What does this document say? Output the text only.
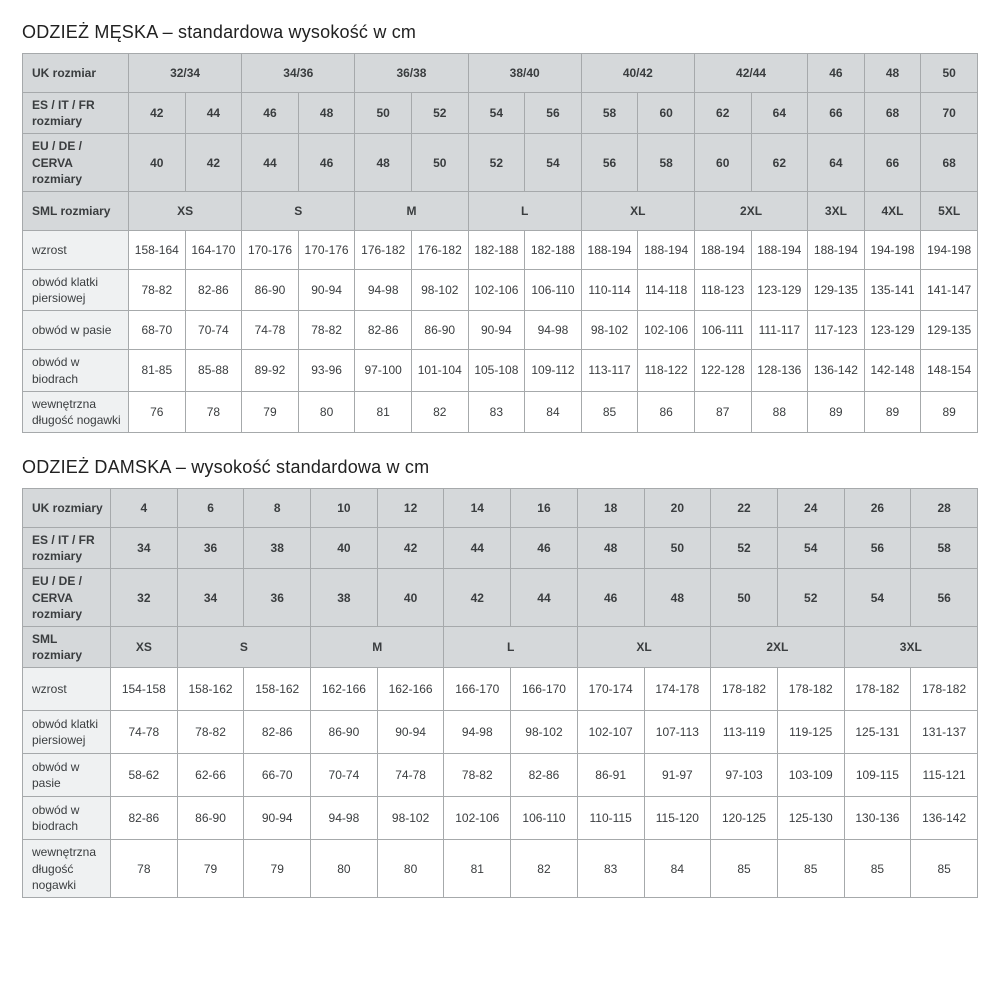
ODZIEŻ MĘSKA – standardowa wysokość w cm
UK rozmiar	32/34		34/36		36/38		38/40		40/42		42/44		46	48	50
ES / IT / FR rozmiary	42	44	46	48	50	52	54	56	58	60	62	64	66	68	70
EU / DE / CERVA rozmiary	40	42	44	46	48	50	52	54	56	58	60	62	64	66	68
SML rozmiary	XS		S		M		L		XL		2XL		3XL	4XL	5XL
wzrost	158-164	164-170	170-176	170-176	176-182	176-182	182-188	182-188	188-194	188-194	188-194	188-194	188-194	194-198	194-198
obwód klatki piersiowej	78-82	82-86	86-90	90-94	94-98	98-102	102-106	106-110	110-114	114-118	118-123	123-129	129-135	135-141	141-147
obwód w pasie	68-70	70-74	74-78	78-82	82-86	86-90	90-94	94-98	98-102	102-106	106-111	111-117	117-123	123-129	129-135
obwód w biodrach	81-85	85-88	89-92	93-96	97-100	101-104	105-108	109-112	113-117	118-122	122-128	128-136	136-142	142-148	148-154
wewnętrzna długość nogawki	76	78	79	80	81	82	83	84	85	86	87	88	89	89	89
ODZIEŻ DAMSKA – wysokość standardowa w cm
UK rozmiary	4	6	8	10	12	14	16	18	20	22	24	26	28
ES / IT / FR rozmiary	34	36	38	40	42	44	46	48	50	52	54	56	58
EU / DE / CERVA rozmiary	32	34	36	38	40	42	44	46	48	50	52	54	56
SML rozmiary	XS	S		M		L		XL		2XL		3XL	
wzrost	154-158	158-162	158-162	162-166	162-166	166-170	166-170	170-174	174-178	178-182	178-182	178-182	178-182
obwód klatki piersiowej	74-78	78-82	82-86	86-90	90-94	94-98	98-102	102-107	107-113	113-119	119-125	125-131	131-137
obwód w pasie	58-62	62-66	66-70	70-74	74-78	78-82	82-86	86-91	91-97	97-103	103-109	109-115	115-121
obwód w biodrach	82-86	86-90	90-94	94-98	98-102	102-106	106-110	110-115	115-120	120-125	125-130	130-136	136-142
wewnętrzna długość nogawki	78	79	79	80	80	81	82	83	84	85	85	85	85
